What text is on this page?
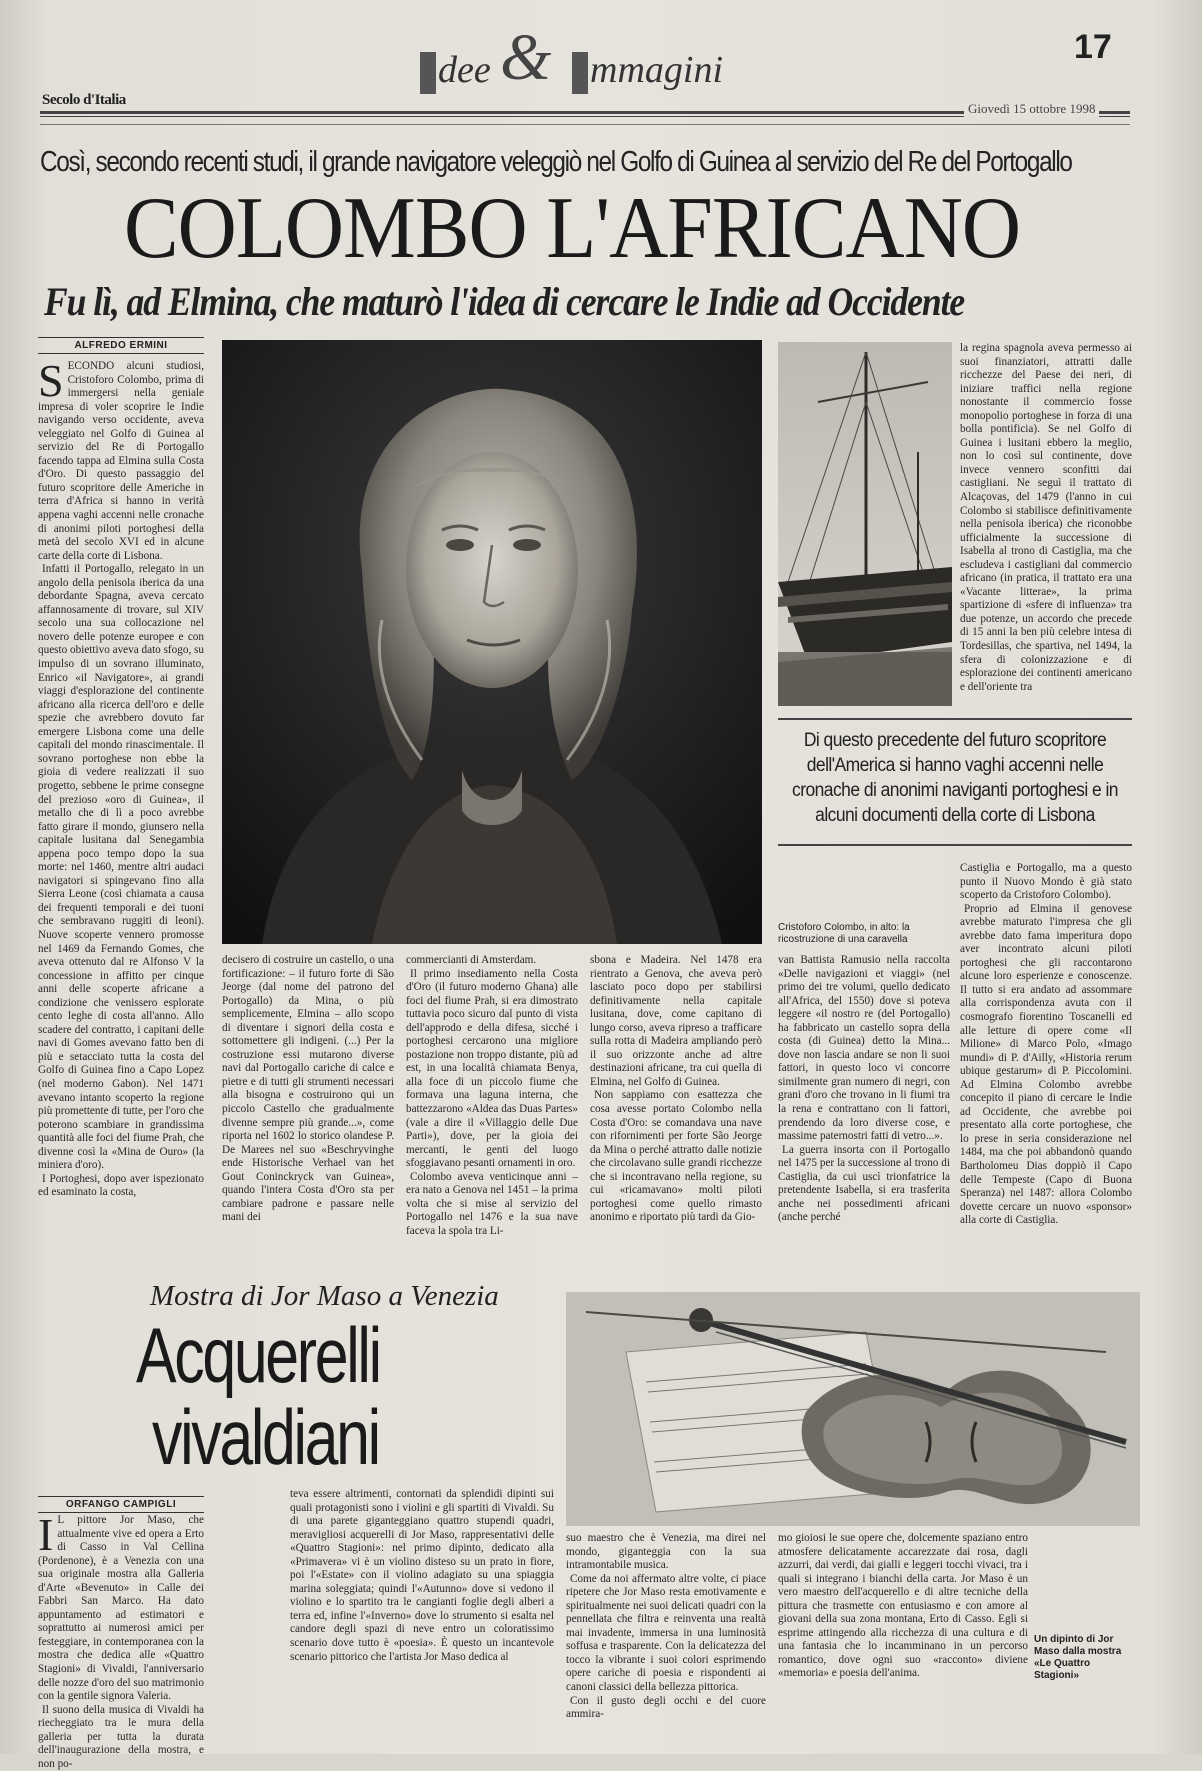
dee & mmagini
17
Secolo d'Italia
Giovedì 15 ottobre 1998
Così, secondo recenti studi, il grande navigatore veleggiò nel Golfo di Guinea al servizio del Re del Portogallo
COLOMBO L'AFRICANO
Fu lì, ad Elmina, che maturò l'idea di cercare le Indie ad Occidente
ALFREDO ERMINI

SECONDO alcuni studiosi, Cristoforo Colombo, prima di immergersi nella geniale impresa di voler scoprire le Indie navigando verso occidente, aveva veleggiato nel Golfo di Guinea al servizio del Re di Portogallo facendo tappa ad Elmina sulla Costa d'Oro. Di questo passaggio del futuro scopritore delle Americhe in terra d'Africa si hanno in verità appena vaghi accenni nelle cronache di anonimi piloti portoghesi della metà del secolo XVI ed in alcune carte della corte di Lisbona.

Infatti il Portogallo, relegato in un angolo della penisola iberica da una debordante Spagna, aveva cercato affannosamente di trovare, sul XIV secolo una sua collocazione nel novero delle potenze europee e con questo obiettivo aveva dato sfogo, su impulso di un sovrano illuminato, Enrico «il Navigatore», ai grandi viaggi d'esplorazione del continente africano alla ricerca dell'oro e delle spezie che avrebbero dovuto far emergere Lisbona come una delle capitali del mondo rinascimentale. Il sovrano portoghese non ebbe la gioia di vedere realizzati il suo progetto, sebbene le prime consegne del prezioso «oro di Guinea», il metallo che di lì a poco avrebbe fatto girare il mondo, giunsero nella capitale lusitana dal Senegambia appena poco tempo dopo la sua morte: nel 1460, mentre altri audaci navigatori si spingevano fino alla Sierra Leone (così chiamata a causa dei frequenti temporali e dei tuoni che sembravano ruggiti di leoni). Nuove scoperte vennero promosse nel 1469 da Fernando Gomes, che aveva ottenuto dal re Alfonso V la concessione in affitto per cinque anni delle scoperte africane a condizione che venissero esplorate cento leghe di costa all'anno. Allo scadere del contratto, i capitani delle navi di Gomes avevano fatto ben di più e setacciato tutta la costa del Golfo di Guinea fino a Capo Lopez (nel moderno Gabon). Nel 1471 avevano intanto scoperto la regione più promettente di tutte, per l'oro che poterono scambiare in grandissima quantità alle foci del fiume Prah, che divenne così la «Mina de Ouro» (la miniera d'oro).

I Portoghesi, dopo aver ispezionato ed esaminato la costa,

decisero di costruire un castello, o una fortificazione: – il futuro forte di São Jeorge (dal nome del patrono del Portogallo) da Mina, o più semplicemente, Elmina – allo scopo di diventare i signori della costa e sottomettere gli indigeni. (...) Per la costruzione essi mutarono diverse navi dal Portogallo cariche di calce e pietre e di tutti gli strumenti necessari alla bisogna e costruirono qui un piccolo Castello che gradualmente divenne sempre più grande...», come riporta nel 1602 lo storico olandese P. De Marees nel suo «Beschryvinghe ende Historische Verhael van het Gout Coninckryck van Guinea», quando l'intera Costa d'Oro sta per cambiare padrone e passare nelle mani dei

commercianti di Amsterdam.

Il primo insediamento nella Costa d'Oro (il futuro moderno Ghana) alle foci del fiume Prah, si era dimostrato tuttavia poco sicuro dal punto di vista dell'approdo e della difesa, sicché i portoghesi cercarono una migliore postazione non troppo distante, più ad est, in una località chiamata Benya, alla foce di un piccolo fiume che formava una laguna interna, che battezzarono «Aldea das Duas Partes» (vale a dire il «Villaggio delle Due Parti»), dove, per la gioia dei mercanti, le genti del luogo sfoggiavano pesanti ornamenti in oro.

Colombo aveva venticinque anni – era nato a Genova nel 1451 – la prima volta che si mise al servizio del Portogallo nel 1476 e la sua nave faceva la spola tra Li-

sbona e Madeira. Nel 1478 era rientrato a Genova, che aveva però lasciato poco dopo per stabilirsi definitivamente nella capitale lusitana, dove, come capitano di lungo corso, aveva ripreso a trafficare sulla rotta di Madeira ampliando però il suo orizzonte anche ad altre destinazioni africane, tra cui quella di Elmina, nel Golfo di Guinea.

Non sappiamo con esattezza che cosa avesse portato Colombo nella Costa d'Oro: se comandava una nave con rifornimenti per forte São Jeorge da Mina o perché attratto dalle notizie che circolavano sulle grandi ricchezze che si incontravano nella regione, su cui «ricamavano» molti piloti portoghesi come quello rimasto anonimo e riportato più tardi da Gio-

la regina spagnola aveva permesso ai suoi finanziatori, attratti dalle ricchezze del Paese dei neri, di iniziare traffici nella regione nonostante il commercio fosse monopolio portoghese in forza di una bolla pontificia). Se nel Golfo di Guinea i lusitani ebbero la meglio, non lo così sul continente, dove invece vennero sconfitti dai castigliani. Ne seguì il trattato di Alcaçovas, del 1479 (l'anno in cui Colombo si stabilisce definitivamente nella penisola iberica) che riconobbe ufficialmente la successione di Isabella al trono di Castiglia, ma che escludeva i castigliani dal commercio africano (in pratica, il trattato era una «Vacante litterae», la prima spartizione di «sfere di influenza» tra due potenze, un accordo che precede di 15 anni la ben più celebre intesa di Tordesillas, che spartiva, nel 1494, la sfera di colonizzazione e di esplorazione dei continenti americano e dell'oriente tra

Di questo precedente del futuro scopritore dell'America si hanno vaghi accenni nelle cronache di anonimi naviganti portoghesi e in alcuni documenti della corte di Lisbona
Cristoforo Colombo, in alto: la ricostruzione di una caravella

van Battista Ramusio nella raccolta «Delle navigazioni et viaggi» (nel primo dei tre volumi, quello dedicato all'Africa, del 1550) dove si poteva leggere «il nostro re (del Portogallo) ha fabbricato un castello sopra della costa (di Guinea) detto la Mina... dove non lascia andare se non li suoi fattori, in questo loco vi concorre similmente gran numero di negri, con grani d'oro che trovano in li fiumi tra la rena e contrattano con li fattori, prendendo da loro diverse cose, e massime paternostri fatti di vetro...».

La guerra insorta con il Portogallo nel 1475 per la successione al trono di Castiglia, da cui uscì trionfatrice la pretendente Isabella, si era trasferita anche nei possedimenti africani (anche perché

Castiglia e Portogallo, ma a questo punto il Nuovo Mondo è già stato scoperto da Cristoforo Colombo).

Proprio ad Elmina il genovese avrebbe maturato l'impresa che gli avrebbe dato fama imperitura dopo aver incontrato alcuni piloti portoghesi che gli raccontarono alcune loro esperienze e conoscenze. Il tutto si era andato ad assommare alla corrispondenza avuta con il cosmografo fiorentino Toscanelli ed alle letture di opere come «Il Milione» di Marco Polo, «Imago mundi» di P. d'Ailly, «Historia rerum ubique gestarum» di P. Piccolomini. Ad Elmina Colombo avrebbe concepito il piano di cercare le Indie ad Occidente, che avrebbe poi presentato alla corte portoghese, che lo prese in seria considerazione nel 1484, ma che poi abbandonò quando Bartholomeu Dias doppiò il Capo delle Tempeste (Capo di Buona Speranza) nel 1487: allora Colombo dovette cercare un nuovo «sponsor» alla corte di Castiglia.

Mostra di Jor Maso a Venezia
Acquerelli
vivaldiani
ORFANGO CAMPIGLI

I L pittore Jor Maso, che attualmente vive ed opera a Erto di Casso in Val Cellina (Pordenone), è a Venezia con una sua originale mostra alla Galleria d'Arte «Bevenuto» in Calle dei Fabbri San Marco. Ha dato appuntamento ad estimatori e soprattutto ai numerosi amici per festeggiare, in contemporanea con la mostra che dedica alle «Quattro Stagioni» di Vivaldi, l'anniversario delle nozze d'oro del suo matrimonio con la gentile signora Valeria.

Il suono della musica di Vivaldi ha riecheggiato tra le mura della galleria per tutta la durata dell'inaugurazione della mostra, e non po-

teva essere altrimenti, contornati da splendidi dipinti sui quali protagonisti sono i violini e gli spartiti di Vivaldi. Su di una parete giganteggiano quattro stupendi quadri, meravigliosi acquerelli di Jor Maso, rappresentativi delle «Quattro Stagioni»: nel primo dipinto, dedicato alla «Primavera» vi è un violino disteso su un prato in fiore, poi l'«Estate» con il violino adagiato su una spiaggia marina soleggiata; quindi l'«Autunno» dove si vedono il violino e lo spartito tra le cangianti foglie degli alberi a terra ed, infine l'«Inverno» dove lo strumento si esalta nel candore degli spazi di neve entro un coloratissimo scenario dove tutto è «poesia». È questo un incantevole scenario pittorico che l'artista Jor Maso dedica al

suo maestro che è Venezia, ma direi nel mondo, giganteggia con la sua intramontabile musica.

Come da noi affermato altre volte, ci piace ripetere che Jor Maso resta emotivamente e spiritualmente nei suoi delicati quadri con la pennellata che filtra e reinventa una realtà mai invadente, immersa in una luminosità soffusa e trasparente. Con la delicatezza del tocco la vibrante i suoi colori esprimendo opere cariche di poesia e rispondenti ai canoni classici della bellezza pittorica.

Con il gusto degli occhi e del cuore ammira-

mo gioiosi le sue opere che, dolcemente spaziano entro atmosfere delicatamente accarezzate dai rosa, dagli azzurri, dai verdi, dai gialli e leggeri tocchi vivaci, tra i quali si integrano i bianchi della carta. Jor Maso è un vero maestro dell'acquerello e di altre tecniche della pittura che trasmette con entusiasmo e con amore al giovani della sua zona montana, Erto di Casso. Egli si esprime attingendo alla ricchezza di una cultura e di una fantasia che lo incamminano in un percorso romantico, dove ogni suo «racconto» diviene «memoria» e poesia dell'anima.

Un dipinto di Jor Maso dalla mostra «Le Quattro Stagioni»
